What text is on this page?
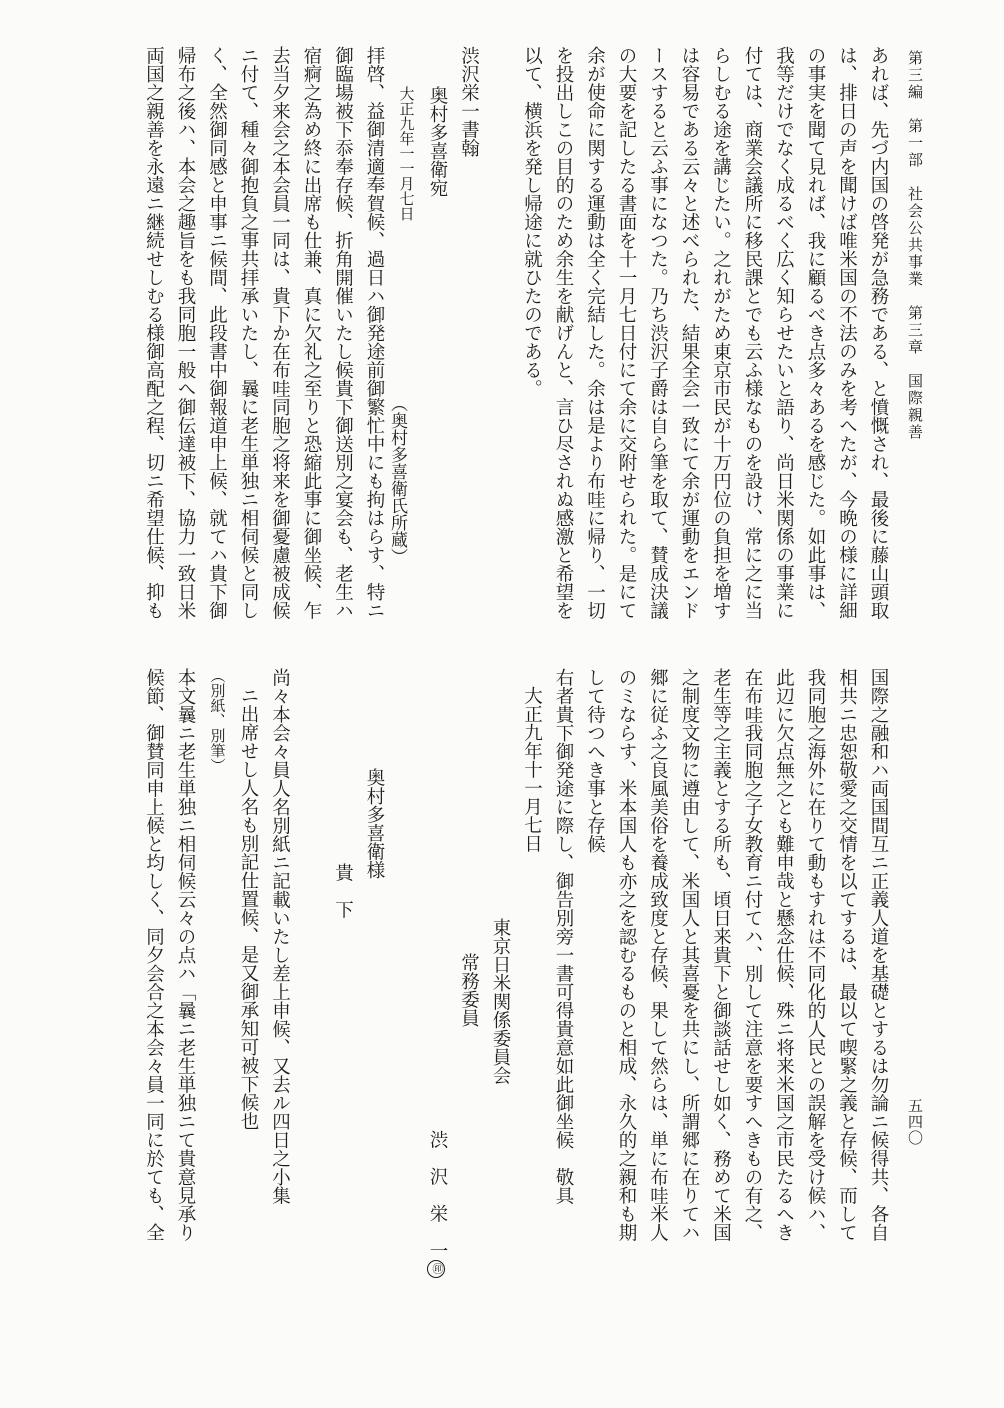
第三編　第一部　社会公共事業　第三章　国際親善
五四〇
あれば、先づ内国の啓発が急務である、と憤慨され、最後に藤山頭取
は、排日の声を聞けば唯米国の不法のみを考へたが、今晩の様に詳細
の事実を聞て見れば、我に顧るべき点多々あるを感じた。如此事は、
我等だけでなく成るべく広く知らせたいと語り、尚日米関係の事業に
付ては、商業会議所に移民課とでも云ふ様なものを設け、常に之に当
らしむる途を講じたい。之れがため東京市民が十万円位の負担を増す
は容易である云々と述べられた、結果全会一致にて余が運動をエンド
ースすると云ふ事になつた。乃ち渋沢子爵は自ら筆を取て、賛成決議
の大要を記したる書面を十一月七日付にて余に交附せられた。是にて
余が使命に関する運動は全く完結した。余は是より布哇に帰り、一切
を投出しこの目的のため余生を献げんと、言ひ尽されぬ感激と希望を
以て、横浜を発し帰途に就ひたのである。
渋沢栄一書翰
奥村多喜衛宛
大正九年一一月七日
拝啓、益御清適奉賀候、過日ハ御発途前御繁忙中にも拘はらす、特ニ
御臨場被下忝奉存候、折角開催いたし候貴下御送別之宴会も、老生ハ
宿痾之為め終に出席も仕兼、真に欠礼之至りと恐縮此事に御坐候、乍
去当夕来会之本会員一同は、貴下か在布哇同胞之将来を御憂慮被成候
ニ付て、種々御抱負之事共拝承いたし、曩に老生単独ニ相伺候と同し
く、全然御同感と申事ニ候間、此段書中御報道申上候、就てハ貴下御
帰布之後ハ、本会之趣旨をも我同胞一般へ御伝達被下、協力一致日米
両国之親善を永遠ニ継続せしむる様御高配之程、切ニ希望仕候、抑も	（奥村多喜衛氏所蔵）
国際之融和ハ両国間互ニ正義人道を基礎とするは勿論ニ候得共、各自
相共ニ忠恕敬愛之交情を以てするは、最以て喫緊之義と存候、而して
我同胞之海外に在りて動もすれは不同化的人民との誤解を受け候ハ、
此辺に欠点無之とも難申哉と懸念仕候、殊ニ将来米国之市民たるへき
在布哇我同胞之子女教育ニ付てハ、別して注意を要すへきもの有之、
老生等之主義とする所も、頃日来貴下と御談話せし如く、務めて米国
之制度文物に遵由して、米国人と其喜憂を共にし、所謂郷に在りてハ
郷に従ふ之良風美俗を養成致度と存候、果して然らは、単に布哇米人
のミならす、米本国人も亦之を認むるものと相成、永久的之親和も期
して待つへき事と存候
右者貴下御発途に際し、御告別旁一書可得貴意如此御坐候　敬具
大正九年十一月七日
東京日米関係委員会
常務委員
渋　沢　栄　一㊞
奥村多喜衛様
貴　下
尚々本会々員人名別紙ニ記載いたし差上申候、又去ル四日之小集
ニ出席せし人名も別記仕置候、是又御承知可被下候也
（別紙、別筆）
本文曩ニ老生単独ニ相伺候云々の点ハ「曩ニ老生単独ニて貴意見承り
候節、御賛同申上候と均しく、同夕会合之本会々員一同に於ても、全
